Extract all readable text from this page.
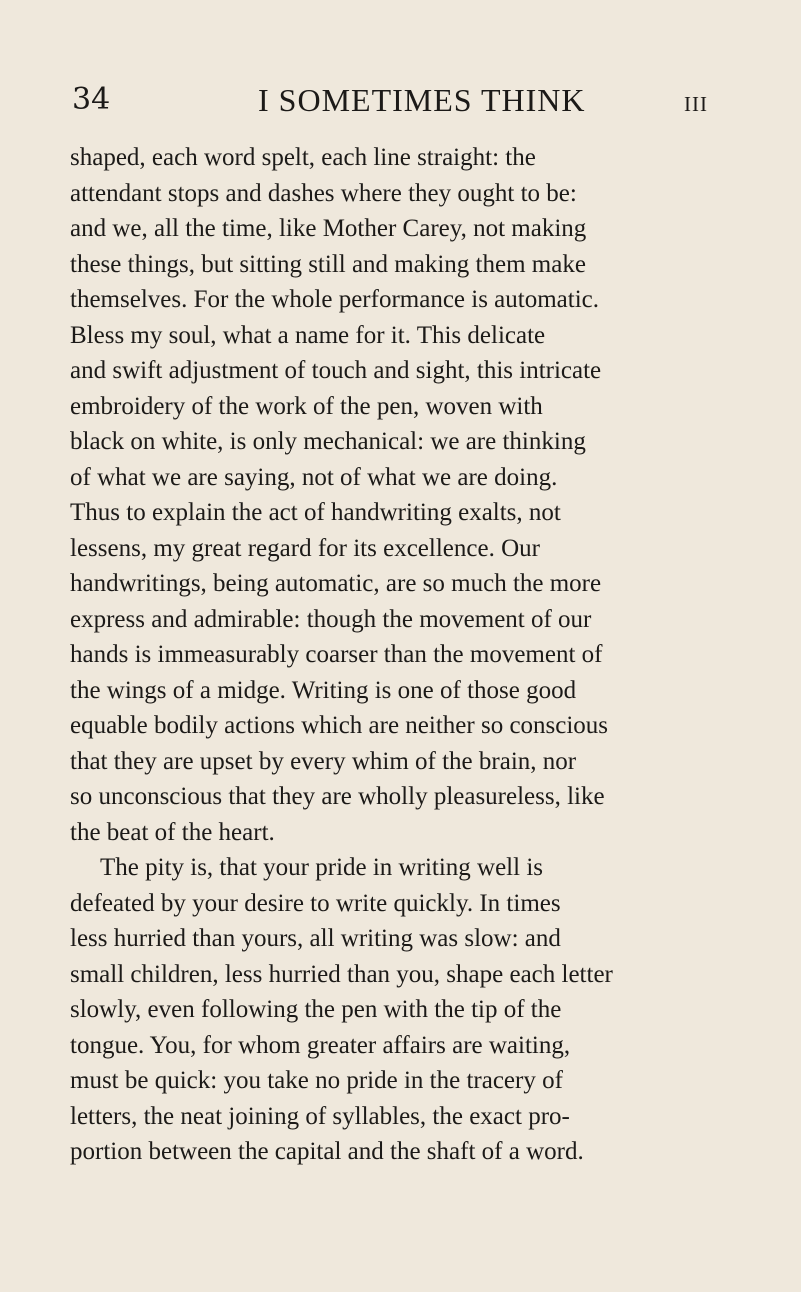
34	I SOMETIMES THINK	III
shaped, each word spelt, each line straight: the
attendant stops and dashes where they ought to be:
and we, all the time, like Mother Carey, not making
these things, but sitting still and making them make
themselves. For the whole performance is automatic.
Bless my soul, what a name for it. This delicate
and swift adjustment of touch and sight, this intricate
embroidery of the work of the pen, woven with
black on white, is only mechanical: we are thinking
of what we are saying, not of what we are doing.
Thus to explain the act of handwriting exalts, not
lessens, my great regard for its excellence. Our
handwritings, being automatic, are so much the more
express and admirable: though the movement of our
hands is immeasurably coarser than the movement of
the wings of a midge. Writing is one of those good
equable bodily actions which are neither so conscious
that they are upset by every whim of the brain, nor
so unconscious that they are wholly pleasureless, like
the beat of the heart.
The pity is, that your pride in writing well is
defeated by your desire to write quickly. In times
less hurried than yours, all writing was slow: and
small children, less hurried than you, shape each letter
slowly, even following the pen with the tip of the
tongue. You, for whom greater affairs are waiting,
must be quick: you take no pride in the tracery of
letters, the neat joining of syllables, the exact pro-
portion between the capital and the shaft of a word.
